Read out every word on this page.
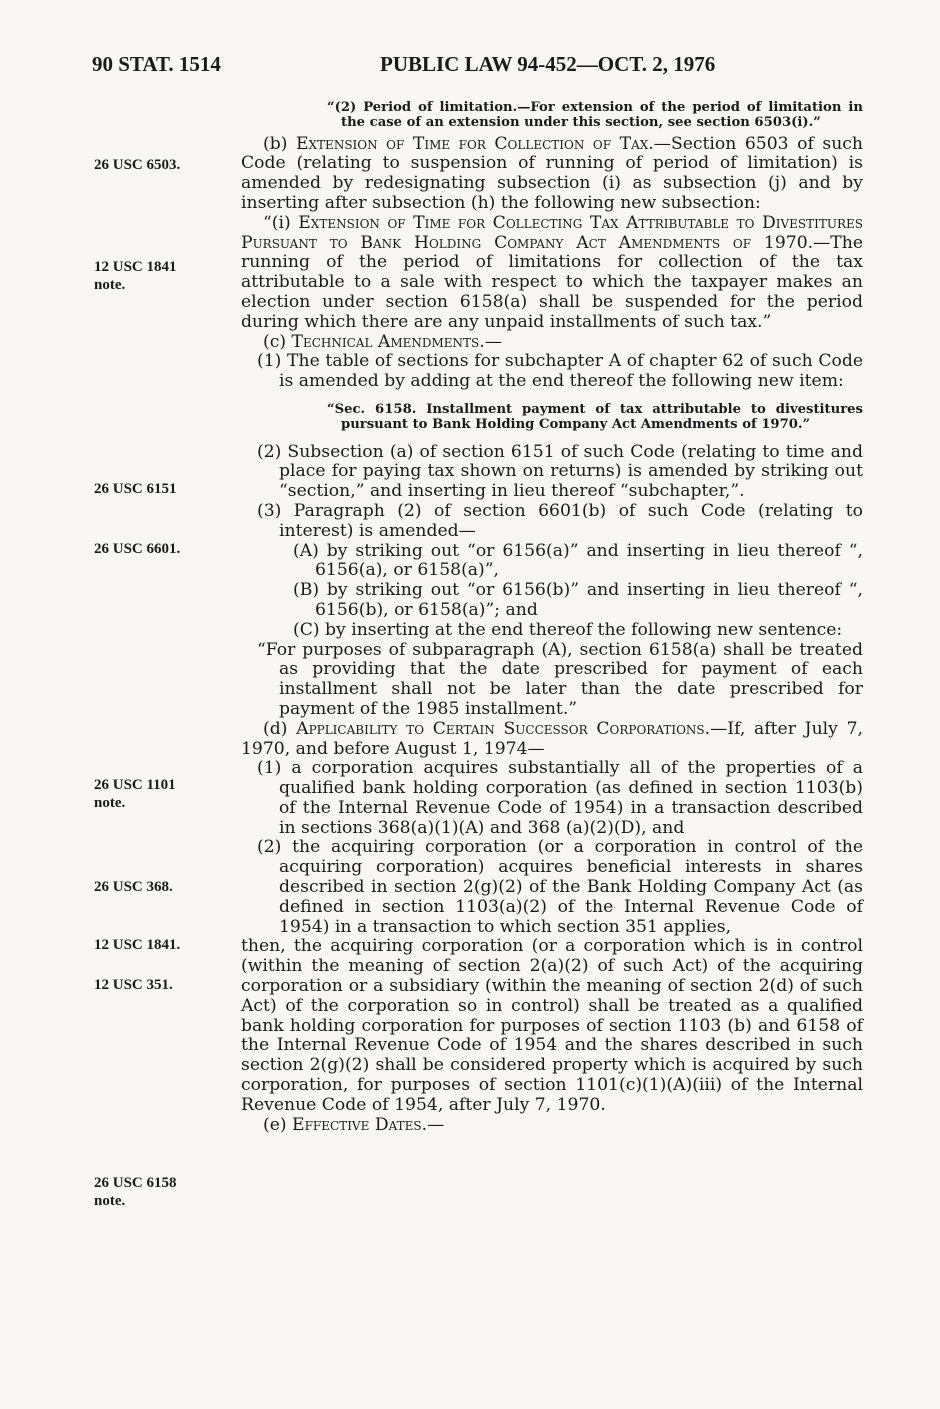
90 STAT. 1514	PUBLIC LAW 94-452—OCT. 2, 1976
26 USC 6503.
12 USC 1841
note.
26 USC 6151
26 USC 6601.
26 USC 1101
note.
26 USC 368.
12 USC 1841.
12 USC 351.
26 USC 6158
note.

“(2) Period of limitation.—For extension of the period of limitation in the case of an extension under this section, see section 6503(i).”

(b) Extension of Time for Collection of Tax.—Section 6503 of such Code (relating to suspension of running of period of limitation) is amended by redesignating subsection (i) as subsection (j) and by inserting after subsection (h) the following new subsection:

“(i) Extension of Time for Collecting Tax Attributable to Divestitures Pursuant to Bank Holding Company Act Amendments of 1970.—The running of the period of limitations for collection of the tax attributable to a sale with respect to which the taxpayer makes an election under section 6158(a) shall be suspended for the period during which there are any unpaid installments of such tax.”

(c) Technical Amendments.—

(1) The table of sections for subchapter A of chapter 62 of such Code is amended by adding at the end thereof the following new item:

“Sec. 6158. Installment payment of tax attributable to divestitures pursuant to Bank Holding Company Act Amendments of 1970.”

(2) Subsection (a) of section 6151 of such Code (relating to time and place for paying tax shown on returns) is amended by striking out “section,” and inserting in lieu thereof “subchapter,”.

(3) Paragraph (2) of section 6601(b) of such Code (relating to interest) is amended—

(A) by striking out “or 6156(a)” and inserting in lieu thereof “, 6156(a), or 6158(a)”,

(B) by striking out “or 6156(b)” and inserting in lieu thereof “, 6156(b), or 6158(a)”; and

(C) by inserting at the end thereof the following new sentence:

“For purposes of subparagraph (A), section 6158(a) shall be treated as providing that the date prescribed for payment of each installment shall not be later than the date prescribed for payment of the 1985 installment.”

(d) Applicability to Certain Successor Corporations.—If, after July 7, 1970, and before August 1, 1974—

(1) a corporation acquires substantially all of the properties of a qualified bank holding corporation (as defined in section 1103(b) of the Internal Revenue Code of 1954) in a transaction described in sections 368(a)(1)(A) and 368 (a)(2)(D), and

(2) the acquiring corporation (or a corporation in control of the acquiring corporation) acquires beneficial interests in shares described in section 2(g)(2) of the Bank Holding Company Act (as defined in section 1103(a)(2) of the Internal Revenue Code of 1954) in a transaction to which section 351 applies,

then, the acquiring corporation (or a corporation which is in control (within the meaning of section 2(a)(2) of such Act) of the acquiring corporation or a subsidiary (within the meaning of section 2(d) of such Act) of the corporation so in control) shall be treated as a qualified bank holding corporation for purposes of section 1103 (b) and 6158 of the Internal Revenue Code of 1954 and the shares described in such section 2(g)(2) shall be considered property which is acquired by such corporation, for purposes of section 1101(c)(1)(A)(iii) of the Internal Revenue Code of 1954, after July 7, 1970.

(e) Effective Dates.—
